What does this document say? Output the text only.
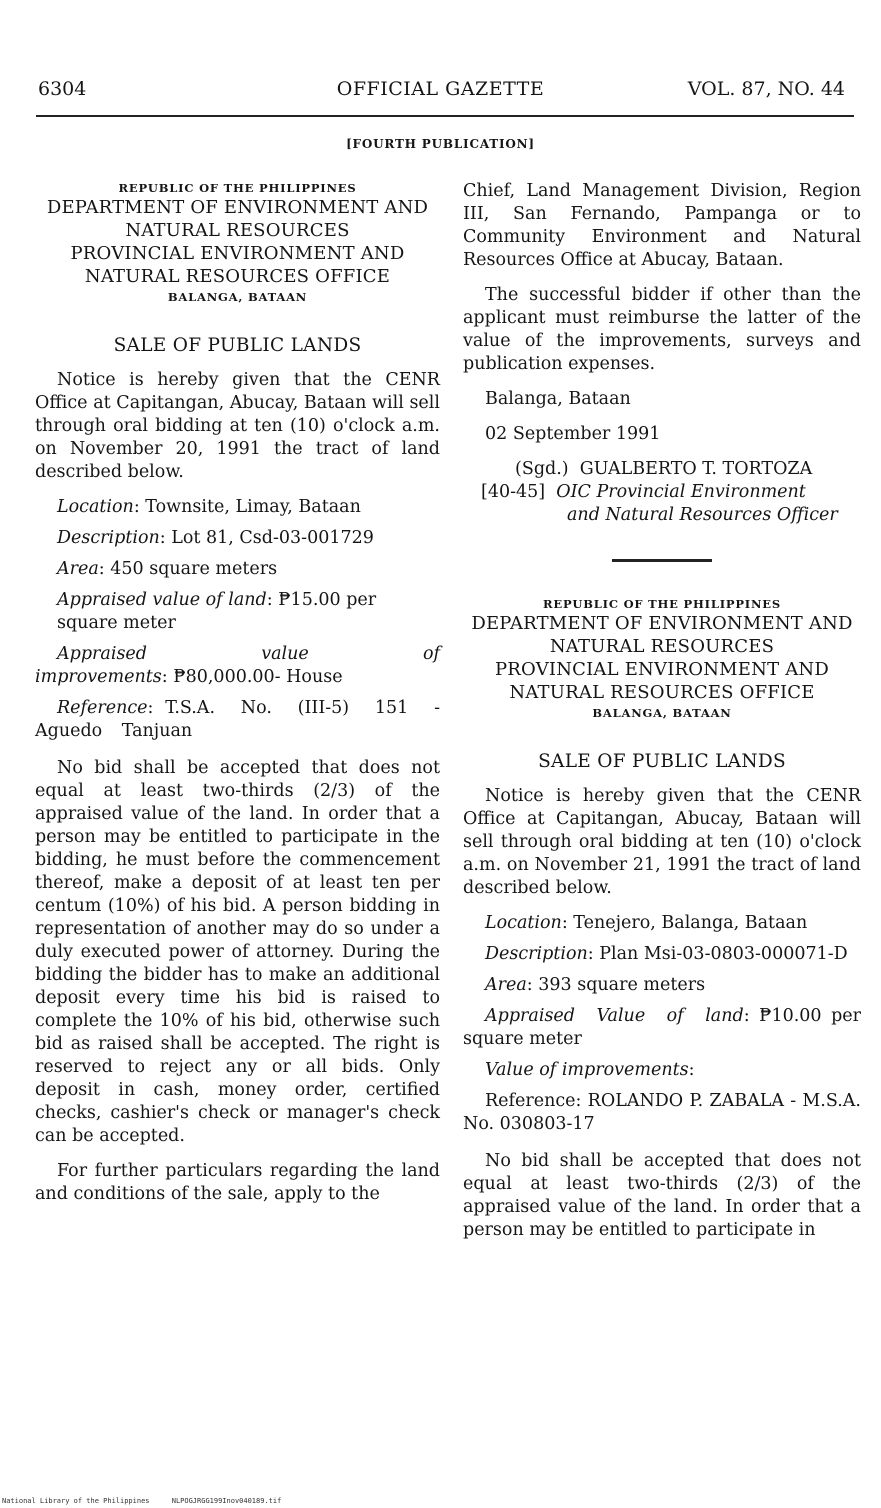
6304	OFFICIAL GAZETTE	VOL. 87, NO. 44
[FOURTH PUBLICATION]
REPUBLIC OF THE PHILIPPINES
DEPARTMENT OF ENVIRONMENT AND
NATURAL RESOURCES
PROVINCIAL ENVIRONMENT AND
NATURAL RESOURCES OFFICE
BALANGA, BATAAN
SALE OF PUBLIC LANDS

Notice is hereby given that the CENR Office at Capitangan, Abucay, Bataan will sell through oral bidding at ten (10) o'clock a.m. on November 20, 1991 the tract of land described below.

Location: Townsite, Limay, Bataan
Description: Lot 81, Csd-03-001729
Area: 450 square meters
Appraised value of land: ₱15.00 per square meter
Appraised value of improvements: ₱80,000.00- House
Reference: T.S.A. No. (III-5) 151 - Aguedo Tanjuan

No bid shall be accepted that does not equal at least two-thirds (2/3) of the appraised value of the land. In order that a person may be entitled to participate in the bidding, he must before the commencement thereof, make a deposit of at least ten per centum (10%) of his bid. A person bidding in representation of another may do so under a duly executed power of attorney. During the bidding the bidder has to make an additional deposit every time his bid is raised to complete the 10% of his bid, otherwise such bid as raised shall be accepted. The right is reserved to reject any or all bids. Only deposit in cash, money order, certified checks, cashier's check or manager's check can be accepted.

For further particulars regarding the land and conditions of the sale, apply to the

Chief, Land Management Division, Region III, San Fernando, Pampanga or to Community Environment and Natural Resources Office at Abucay, Bataan.

The successful bidder if other than the applicant must reimburse the latter of the value of the improvements, surveys and publication expenses.

Balanga, Bataan

02 September 1991

(Sgd.) GUALBERTO T. TORTOZA
[40-45] OIC Provincial Environment
and Natural Resources Officer
REPUBLIC OF THE PHILIPPINES
DEPARTMENT OF ENVIRONMENT AND
NATURAL RESOURCES
PROVINCIAL ENVIRONMENT AND
NATURAL RESOURCES OFFICE
BALANGA, BATAAN
SALE OF PUBLIC LANDS

Notice is hereby given that the CENR Office at Capitangan, Abucay, Bataan will sell through oral bidding at ten (10) o'clock a.m. on November 21, 1991 the tract of land described below.

Location: Tenejero, Balanga, Bataan
Description: Plan Msi-03-0803-000071-D
Area: 393 square meters
Appraised Value of land: ₱10.00 per square meter
Value of improvements:
Reference: ROLANDO P. ZABALA - M.S.A. No. 030803-17

No bid shall be accepted that does not equal at least two-thirds (2/3) of the appraised value of the land. In order that a person may be entitled to participate in

National Library of the Philippines	NLPOGJRGG199Inov040189.tif
